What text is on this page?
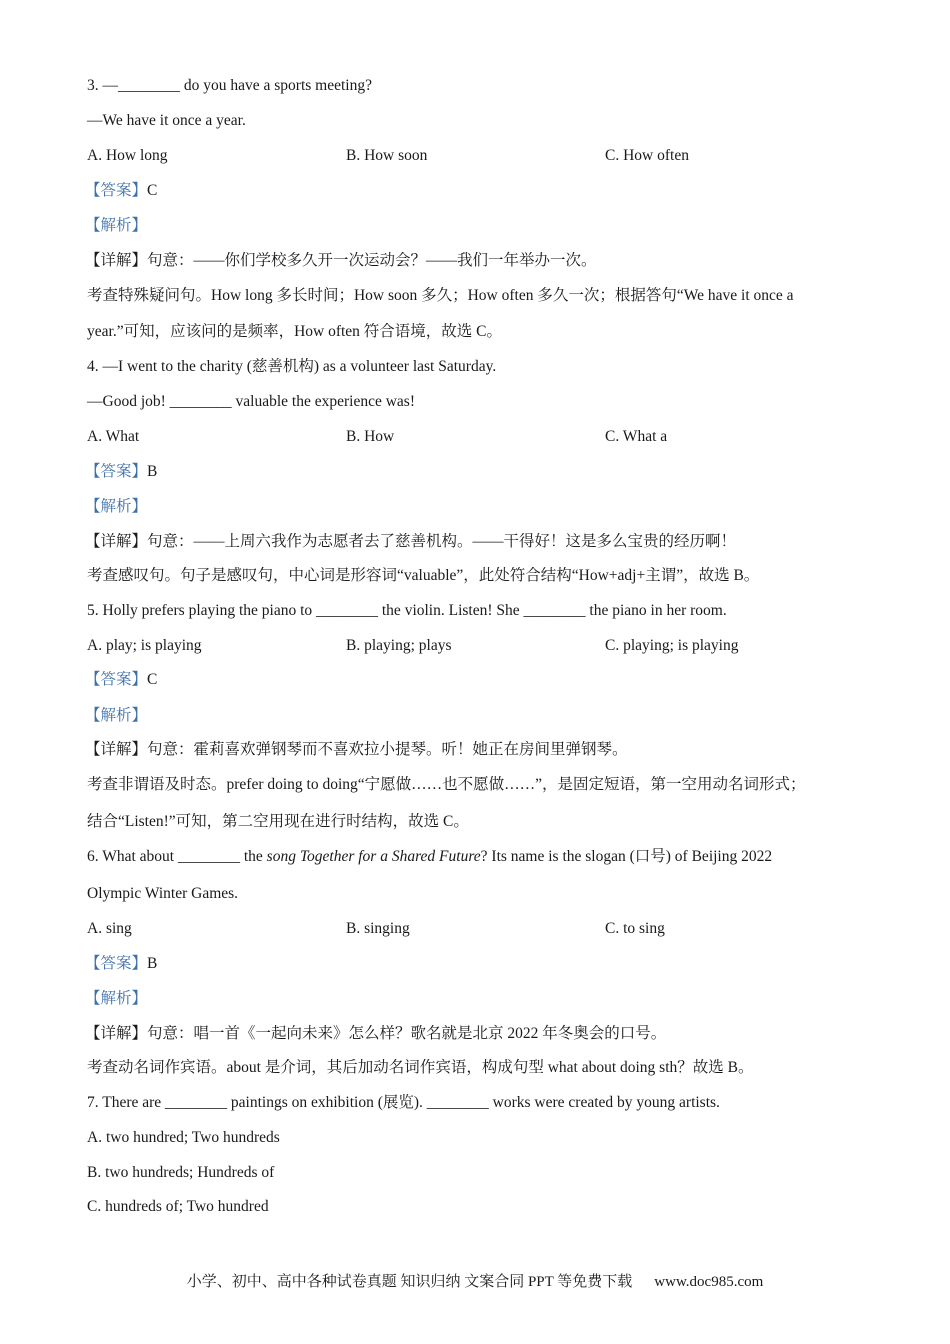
3. —________ do you have a sports meeting?
—We have it once a year.
A. How long	B. How soon	C. How often
【答案】C
【解析】
【详解】句意：——你们学校多久开一次运动会？——我们一年举办一次。
考查特殊疑问句。How long 多长时间；How soon 多久；How often 多久一次；根据答句“We have it once a
year.”可知，应该问的是频率，How often 符合语境，故选 C。
4. —I went to the charity (慈善机构) as a volunteer last Saturday.
—Good job! ________ valuable the experience was!
A. What	B. How	C. What a
【答案】B
【解析】
【详解】句意：——上周六我作为志愿者去了慈善机构。——干得好！这是多么宝贵的经历啊！
考查感叹句。句子是感叹句，中心词是形容词“valuable”，此处符合结构“How+adj+主谓”，故选 B。
5. Holly prefers playing the piano to ________ the violin. Listen! She ________ the piano in her room.
A. play; is playing	B. playing; plays	C. playing; is playing
【答案】C
【解析】
【详解】句意：霍莉喜欢弹钢琴而不喜欢拉小提琴。听！她正在房间里弹钢琴。
考查非谓语及时态。prefer doing to doing“宁愿做……也不愿做……”，是固定短语，第一空用动名词形式；
结合“Listen!”可知，第二空用现在进行时结构，故选 C。
6. What about ________ the song Together for a Shared Future? Its name is the slogan (口号) of Beijing 2022
Olympic Winter Games.
A. sing	B. singing	C. to sing
【答案】B
【解析】
【详解】句意：唱一首《一起向未来》怎么样？歌名就是北京 2022 年冬奥会的口号。
考查动名词作宾语。about 是介词，其后加动名词作宾语，构成句型 what about doing sth？故选 B。
7. There are ________ paintings on exhibition (展览). ________ works were created by young artists.
A. two hundred; Two hundreds
B. two hundreds; Hundreds of
C. hundreds of; Two hundred
小学、初中、高中各种试卷真题 知识归纳 文案合同 PPT 等免费下载 www.doc985.com
